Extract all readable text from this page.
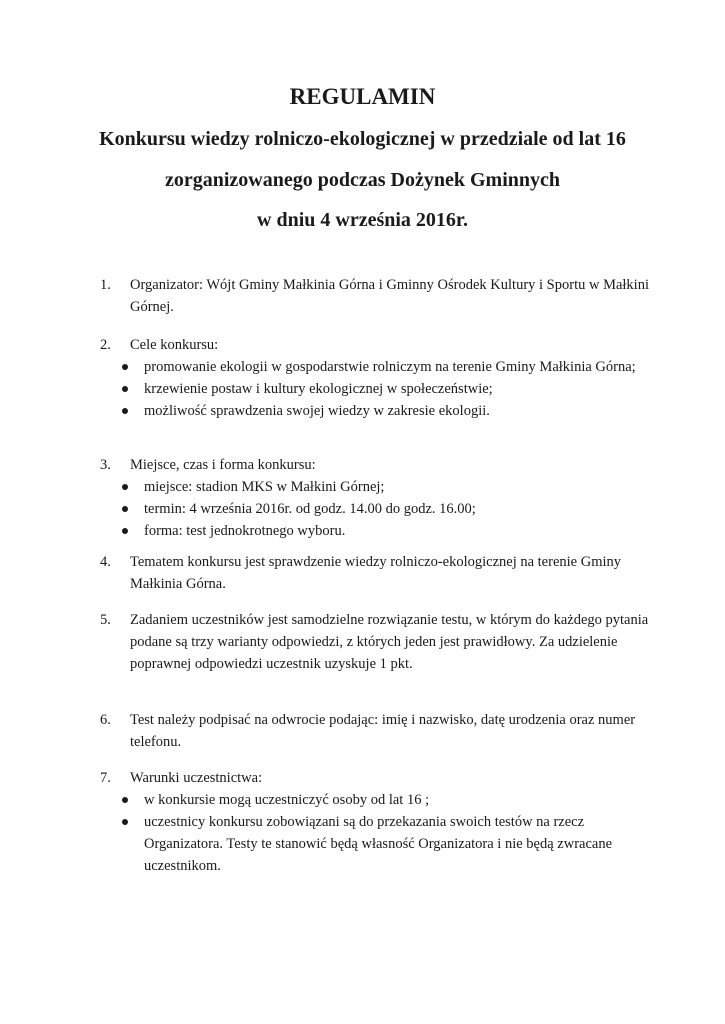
REGULAMIN
Konkursu wiedzy rolniczo-ekologicznej w przedziale od lat 16
zorganizowanego podczas Dożynek Gminnych
w dniu 4 września 2016r.
1.	Organizator: Wójt Gminy Małkinia Górna i Gminny Ośrodek Kultury i Sportu w Małkini Górnej.
2.	Cele konkursu:
promowanie ekologii w gospodarstwie rolniczym na terenie Gminy Małkinia Górna;
krzewienie postaw i kultury ekologicznej w społeczeństwie;
możliwość sprawdzenia swojej wiedzy w zakresie ekologii.
3.	Miejsce, czas i forma konkursu:
miejsce: stadion MKS w Małkini Górnej;
termin: 4 września 2016r. od godz. 14.00 do godz. 16.00;
forma: test jednokrotnego wyboru.
4.	Tematem konkursu jest sprawdzenie wiedzy rolniczo-ekologicznej na terenie Gminy Małkinia Górna.
5.	Zadaniem uczestników jest samodzielne rozwiązanie testu, w którym do każdego pytania podane są trzy warianty odpowiedzi, z których jeden jest prawidłowy. Za udzielenie poprawnej odpowiedzi uczestnik uzyskuje 1 pkt.
6.	Test należy podpisać na odwrocie podając: imię i nazwisko, datę urodzenia oraz numer telefonu.
7.	Warunki uczestnictwa:
w konkursie mogą uczestniczyć osoby od lat 16 ;
uczestnicy konkursu zobowiązani są do przekazania swoich testów na rzecz Organizatora. Testy te stanowić będą własność Organizatora i nie będą zwracane uczestnikom.
